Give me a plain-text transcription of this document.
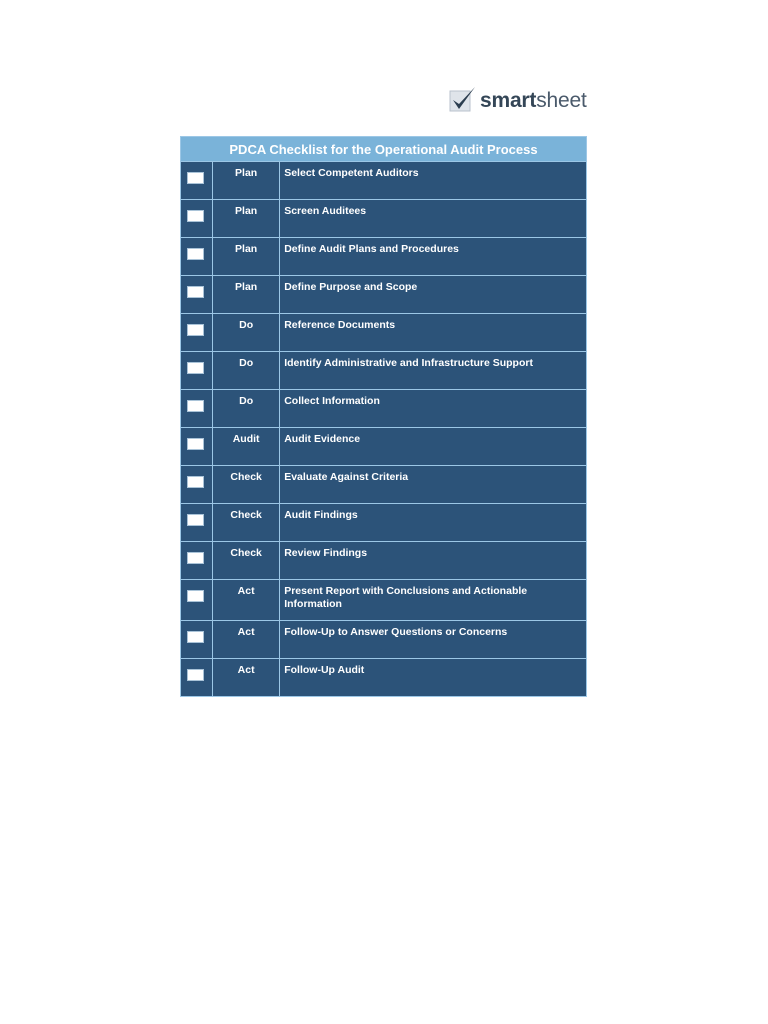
smartsheet
PDCA Checklist for the Operational Audit Process		

	Plan	Select Competent Auditors

	Plan	Screen Auditees

	Plan	Define Audit Plans and Procedures

	Plan	Define Purpose and Scope

	Do	Reference Documents

	Do	Identify Administrative and Infrastructure Support

	Do	Collect Information

	Audit	Audit Evidence

	Check	Evaluate Against Criteria

	Check	Audit Findings

	Check	Review Findings

	Act	Present Report with Conclusions and Actionable Information

	Act	Follow-Up to Answer Questions or Concerns

	Act	Follow-Up Audit
